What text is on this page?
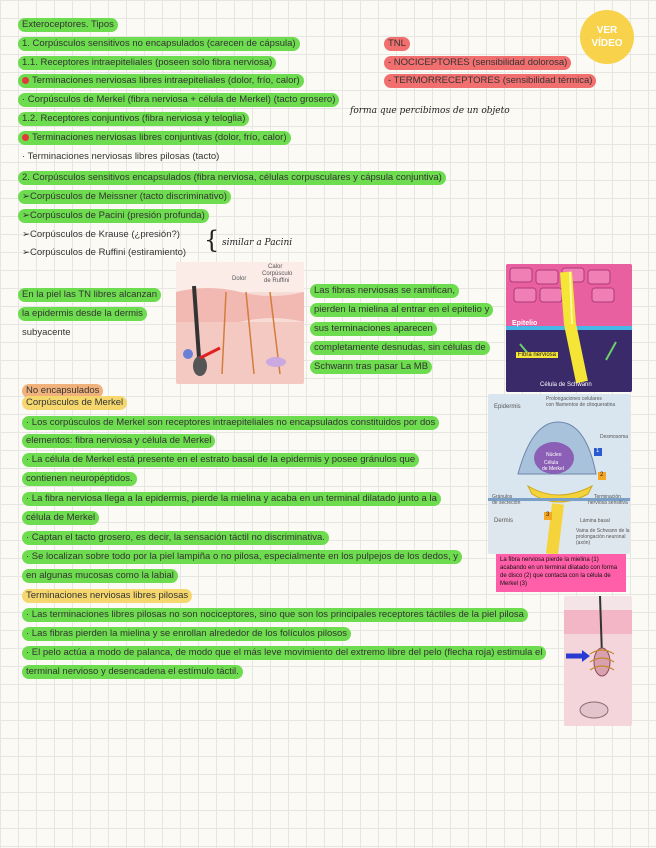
VER
VÍDEO
Exteroceptores. Tipos
1. Corpúsculos sensitivos no encapsulados (carecen de cápsula)
1.1. Receptores intraepiteliales (poseen solo fibra nerviosa)
Terminaciones nerviosas libres intraepiteliales (dolor, frío, calor)
· Corpúsculos de Merkel (fibra nerviosa + célula de Merkel) (tacto grosero)
forma que percibimos de un objeto
1.2. Receptores conjuntivos (fibra nerviosa y teloglia)
Terminaciones nerviosas libres conjuntivas (dolor, frío, calor)
· Terminaciones nerviosas libres pilosas (tacto)
TNL
- NOCICEPTORES (sensibilidad dolorosa)
- TERMORRECEPTORES (sensibilidad térmica)
2. Corpúsculos sensitivos encapsulados (fibra nerviosa, células corpusculares y cápsula conjuntiva)
➢Corpúsculos de Meissner (tacto discriminativo)
➢Corpúsculos de Pacini (presión profunda)
➢Corpúsculos de Krause (¿presión?)
➢Corpúsculos de Ruffini (estiramiento) { similar a Pacini
En la piel las TN libres alcanzan
la epidermis desde la dermis
subyacente
Dolor
Calor
Corpúsculo
de Ruffini
Las fibras nerviosas se ramifican,
pierden la mielina al entrar en el epitelio y
sus terminaciones aparecen
completamente desnudas, sin células de
Schwann tras pasar La MB
Epitelio
Fibra nerviosa
Célula de Schwann
No encapsulados
Corpúsculos de Merkel
· Los corpúsculos de Merkel son receptores intraepiteliales no encapsulados constituidos por dos
elementos: fibra nerviosa y célula de Merkel
· La célula de Merkel está presente en el estrato basal de la epidermis y posee gránulos que
contienen neuropéptidos.
· La fibra nerviosa llega a la epidermis, pierde la mielina y acaba en un terminal dilatado junto a la
célula de Merkel
· Captan el tacto grosero, es decir, la sensación táctil no discriminativa.
· Se localizan sobre todo por la piel lampiña o no pilosa, especialmente en los pulpejos de los dedos, y
en algunas mucosas como la labial
Epidermis
Prolongaciones celulares
con filamentos de citoqueratina
Desmosoma
Núcleo
Célula
de Merkel
Gránulos
de secreción
Terminación
nerviosa sensitiva
Dermis	Lámina basal
Vaina de Schwann de la
prolongación neuronal
(axón)
1
2
3
La fibra nerviosa pierde la mielina (1) acabando en un terminal dilatado con forma de disco (2) que contacta con la célula de Merkel (3)
Terminaciones nerviosas libres pilosas
· Las terminaciones libres pilosas no son nociceptores, sino que son los principales receptores táctiles de la piel pilosa
· Las fibras pierden la mielina y se enrollan alrededor de los folículos pilosos
· El pelo actúa a modo de palanca, de modo que el más leve movimiento del extremo libre del pelo (flecha roja) estimula el
terminal nervioso y desencadena el estímulo táctil.
